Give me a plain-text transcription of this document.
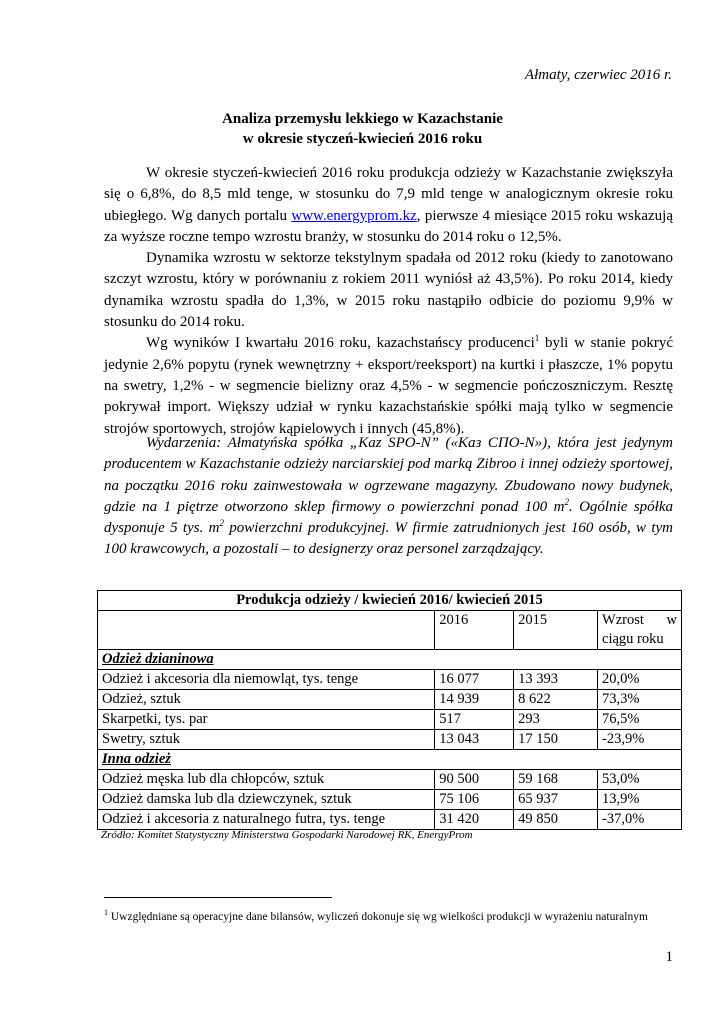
Ałmaty, czerwiec 2016 r.
Analiza przemysłu lekkiego w Kazachstanie
w okresie styczeń-kwiecień 2016 roku

W okresie styczeń-kwiecień 2016 roku produkcja odzieży w Kazachstanie zwiększyła się o 6,8%, do 8,5 mld tenge, w stosunku do 7,9 mld tenge w analogicznym okresie roku ubiegłego. Wg danych portalu www.energyprom.kz, pierwsze 4 miesiące 2015 roku wskazują za wyższe roczne tempo wzrostu branży, w stosunku do 2014 roku o 12,5%.

Dynamika wzrostu w sektorze tekstylnym spadała od 2012 roku (kiedy to zanotowano szczyt wzrostu, który w porównaniu z rokiem 2011 wyniósł aż 43,5%). Po roku 2014, kiedy dynamika wzrostu spadła do 1,3%, w 2015 roku nastąpiło odbicie do poziomu 9,9% w stosunku do 2014 roku.

Wg wyników I kwartału 2016 roku, kazachstańscy producenci$^1$ byli w stanie pokryć jedynie 2,6% popytu (rynek wewnętrzny + eksport/reeksport) na kurtki i płaszcze, 1% popytu na swetry, 1,2% - w segmencie bielizny oraz 4,5% - w segmencie pończoszniczym. Resztę pokrywał import. Większy udział w rynku kazachstańskie spółki mają tylko w segmencie strojów sportowych, strojów kąpielowych i innych (45,8%).

Wydarzenia: Ałmatyńska spółka „Kaz SPO-N” («Каз СПО-N»), która jest jedynym producentem w Kazachstanie odzieży narciarskiej pod marką Zibroo i innej odzieży sportowej, na początku 2016 roku zainwestowała w ogrzewane magazyny. Zbudowano nowy budynek, gdzie na 1 piętrze otworzono sklep firmowy o powierzchni ponad 100 $m^2$. Ogólnie spółka dysponuje 5 tys. $m^2$ powierzchni produkcyjnej. W firmie zatrudnionych jest 160 osób, w tym 100 krawcowych, a pozostali – to designerzy oraz personel zarządzający.

Produkcja odzieży / kwiecień 2016/ kwiecień 2015			
	2016	2015	Wzrost w
ciągu roku

Odzież dzianinowa			
Odzież i akcesoria dla niemowląt, tys. tenge	16 077	13 393	20,0%
Odzież, sztuk	14 939	8 622	73,3%
Skarpetki, tys. par	517	293	76,5%
Swetry, sztuk	13 043	17 150	-23,9%
Inna odzież			
Odzież męska lub dla chłopców, sztuk	90 500	59 168	53,0%
Odzież damska lub dla dziewczynek, sztuk	75 106	65 937	13,9%
Odzież i akcesoria z naturalnego futra, tys. tenge	31 420	49 850	-37,0%
Źródło: Komitet Statystyczny Ministerstwa Gospodarki Narodowej RK, EnergyProm
$^1$ Uwzględniane są operacyjne dane bilansów, wyliczeń dokonuje się wg wielkości produkcji w wyrażeniu naturalnym
1
